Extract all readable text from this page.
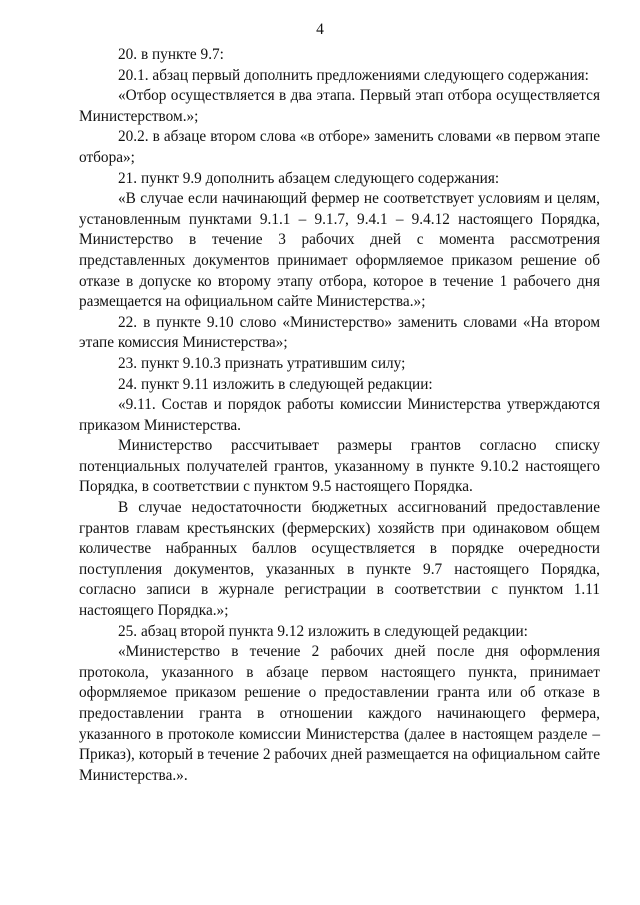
4

20. в пункте 9.7:

20.1. абзац первый дополнить предложениями следующего содержания:

«Отбор осуществляется в два этапа. Первый этап отбора осуществляется Министерством.»;

20.2. в абзаце втором слова «в отборе» заменить словами «в первом этапе отбора»;

21. пункт 9.9 дополнить абзацем следующего содержания:

«В случае если начинающий фермер не соответствует условиям и целям, установленным пунктами 9.1.1 – 9.1.7, 9.4.1 – 9.4.12 настоящего Порядка, Министерство в течение 3 рабочих дней с момента рассмотрения представленных документов принимает оформляемое приказом решение об отказе в допуске ко второму этапу отбора, которое в течение 1 рабочего дня размещается на официальном сайте Министерства.»;

22. в пункте 9.10 слово «Министерство» заменить словами «На втором этапе комиссия Министерства»;

23. пункт 9.10.3 признать утратившим силу;

24. пункт 9.11 изложить в следующей редакции:

«9.11. Состав и порядок работы комиссии Министерства утверждаются приказом Министерства.

Министерство рассчитывает размеры грантов согласно списку потенциальных получателей грантов, указанному в пункте 9.10.2 настоящего Порядка, в соответствии с пунктом 9.5 настоящего Порядка.

В случае недостаточности бюджетных ассигнований предоставление грантов главам крестьянских (фермерских) хозяйств при одинаковом общем количестве набранных баллов осуществляется в порядке очередности поступления документов, указанных в пункте 9.7 настоящего Порядка, согласно записи в журнале регистрации в соответствии с пунктом 1.11 настоящего Порядка.»;

25. абзац второй пункта 9.12 изложить в следующей редакции:

«Министерство в течение 2 рабочих дней после дня оформления протокола, указанного в абзаце первом настоящего пункта, принимает оформляемое приказом решение о предоставлении гранта или об отказе в предоставлении гранта в отношении каждого начинающего фермера, указанного в протоколе комиссии Министерства (далее в настоящем разделе – Приказ), который в течение 2 рабочих дней размещается на официальном сайте Министерства.».
